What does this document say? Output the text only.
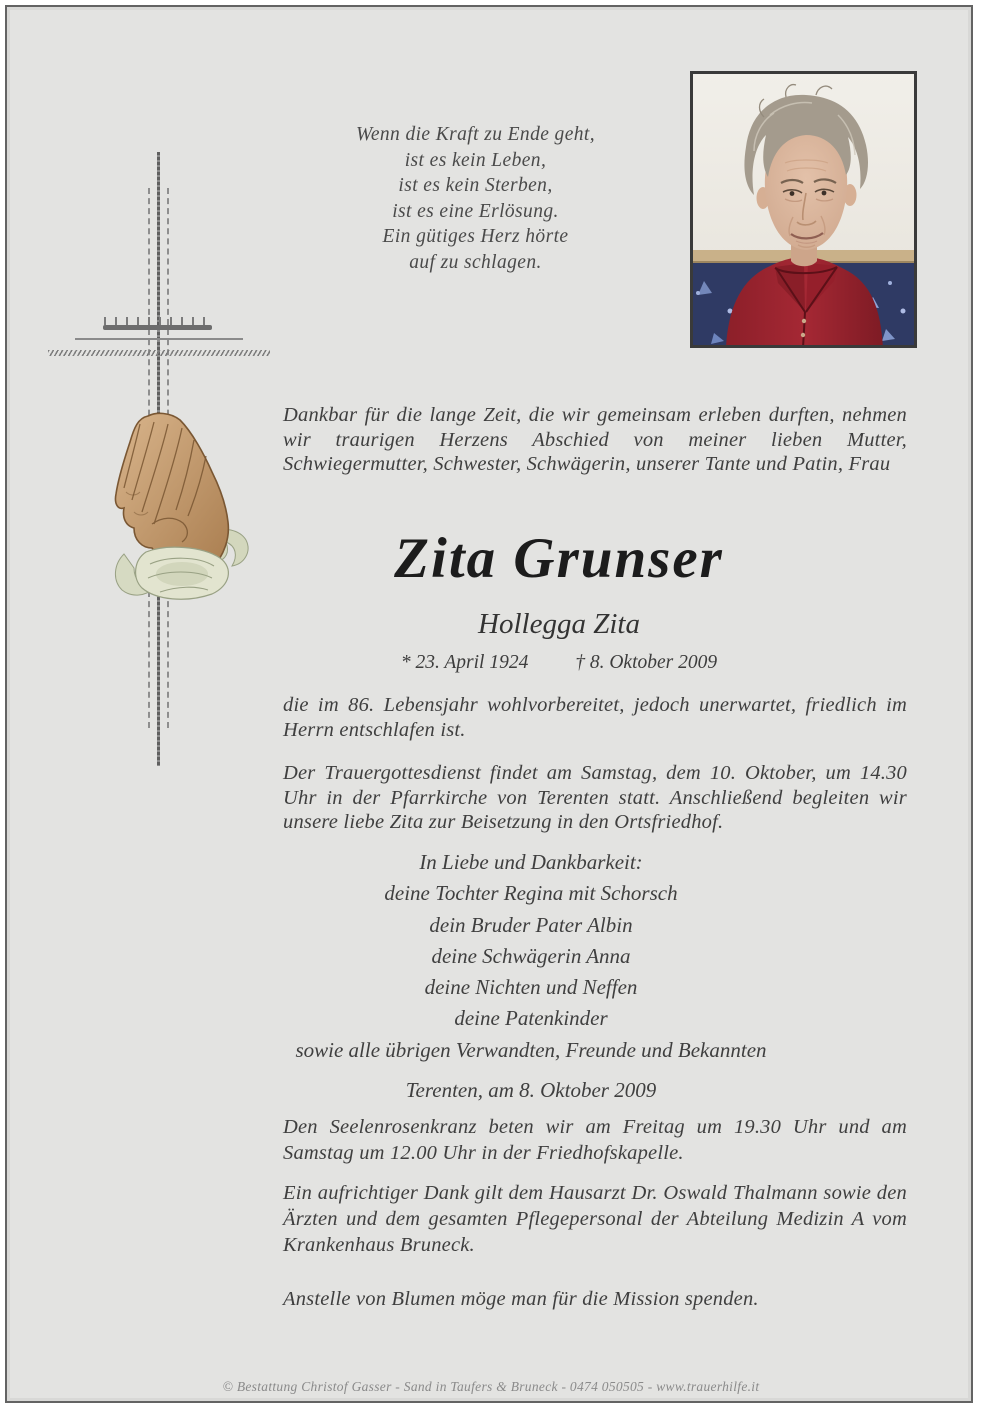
Wenn die Kraft zu Ende geht,
ist es kein Leben,
ist es kein Sterben,
ist es eine Erlösung.
Ein gütiges Herz hörte
auf zu schlagen.

Dankbar für die lange Zeit, die wir gemeinsam erleben durften, nehmen wir traurigen Herzens Abschied von meiner lieben Mutter, Schwiegermutter, Schwester, Schwägerin, unserer Tante und Patin, Frau

Zita Grunser
Hollegga Zita
* 23. April 1924 † 8. Oktober 2009

die im 86. Lebensjahr wohlvorbereitet, jedoch unerwartet, friedlich im Herrn entschlafen ist.

Der Trauergottesdienst findet am Samstag, dem 10. Oktober, um 14.30 Uhr in der Pfarrkirche von Terenten statt. Anschließend begleiten wir unsere liebe Zita zur Beisetzung in den Ortsfriedhof.

In Liebe und Dankbarkeit:
deine Tochter Regina mit Schorsch
dein Bruder Pater Albin
deine Schwägerin Anna
deine Nichten und Neffen
deine Patenkinder
sowie alle übrigen Verwandten, Freunde und Bekannten
Terenten, am 8. Oktober 2009

Den Seelenrosenkranz beten wir am Freitag um 19.30 Uhr und am Samstag um 12.00 Uhr in der Friedhofskapelle.

Ein aufrichtiger Dank gilt dem Hausarzt Dr. Oswald Thalmann sowie den Ärzten und dem gesamten Pflegepersonal der Abteilung Medizin A vom Krankenhaus Bruneck.

Anstelle von Blumen möge man für die Mission spenden.

© Bestattung Christof Gasser - Sand in Taufers & Bruneck - 0474 050505 - www.trauerhilfe.it
